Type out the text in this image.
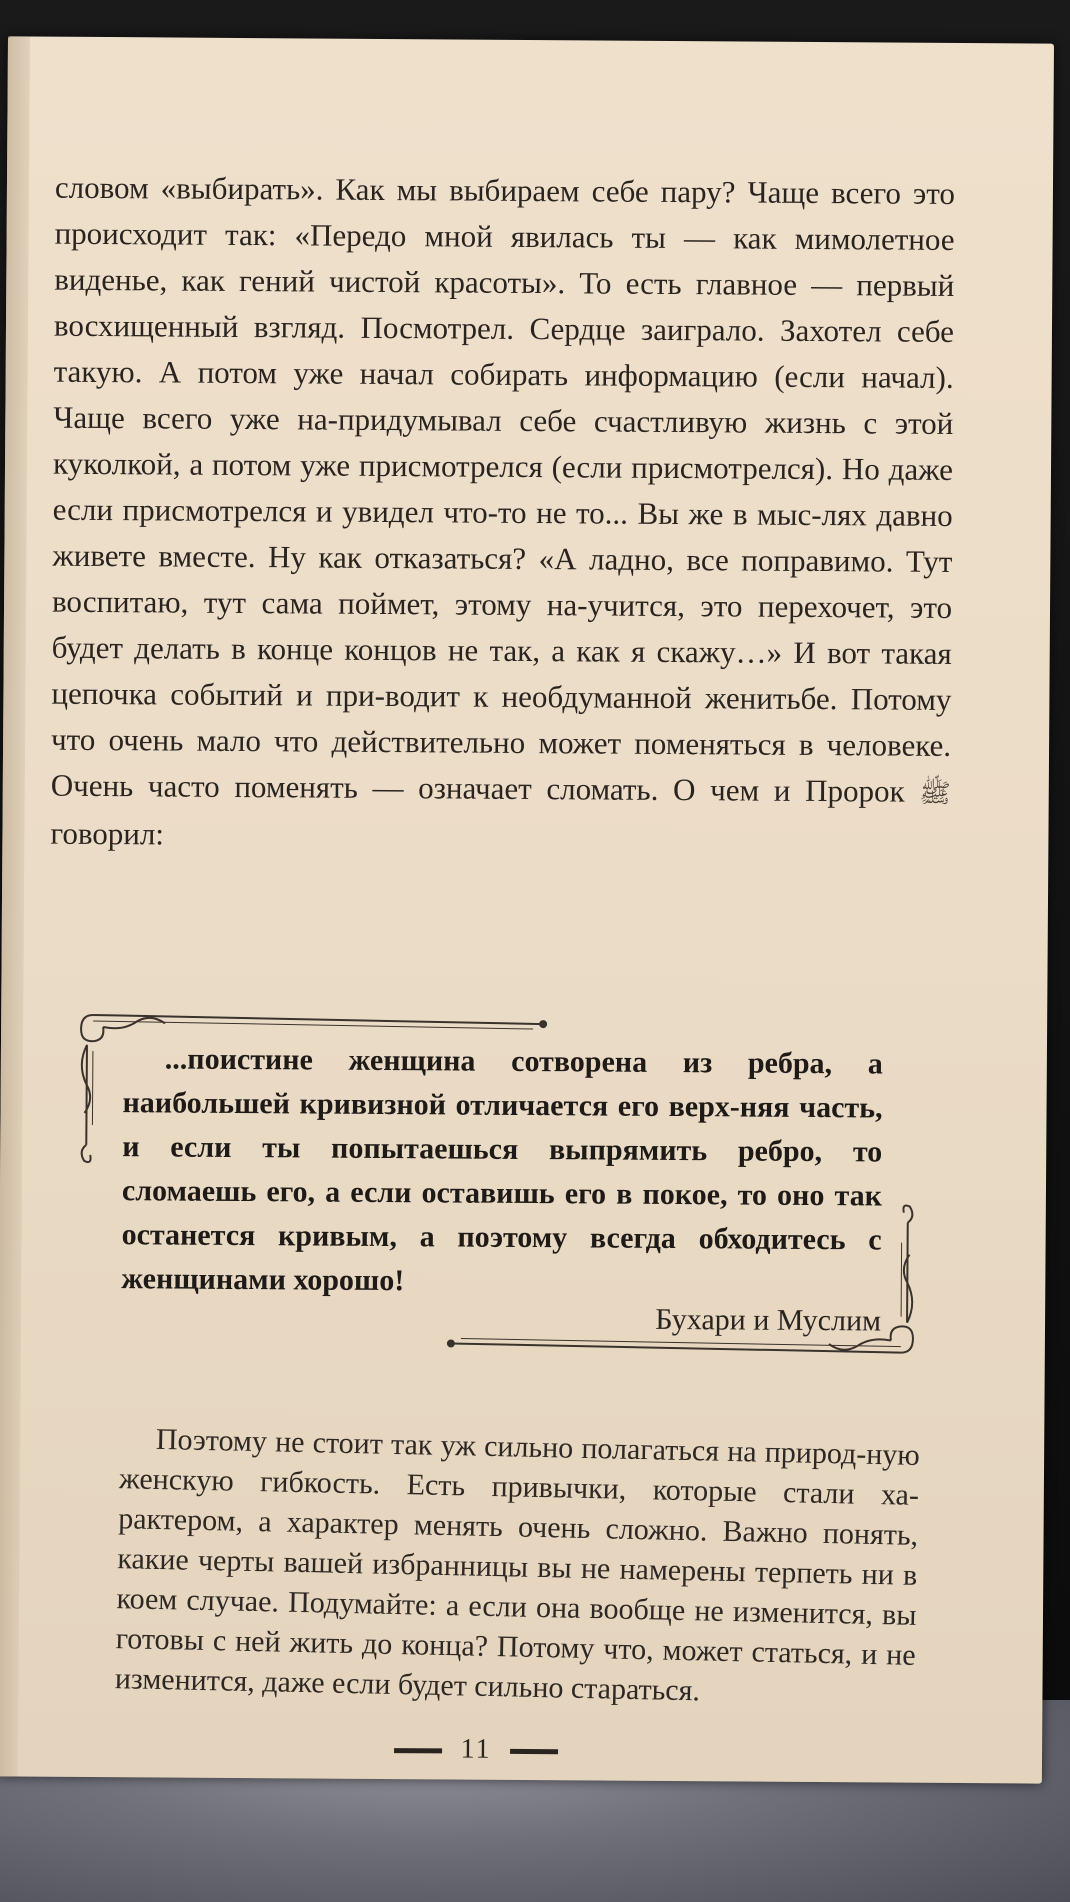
словом «выбирать». Как мы выбираем себе пару? Чаще всего это происходит так: «Передо мной явилась ты — как мимолетное виденье, как гений чистой красоты». То есть главное — первый восхищенный взгляд. Посмотрел. Сердце заиграло. Захотел себе такую. А потом уже начал собирать информацию (если начал). Чаще всего уже на-придумывал себе счастливую жизнь с этой куколкой, а потом уже присмотрелся (если присмотрелся). Но даже если присмотрелся и увидел что-то не то... Вы же в мыс-лях давно живете вместе. Ну как отказаться? «А ладно, все поправимо. Тут воспитаю, тут сама поймет, этому на-учится, это перехочет, это будет делать в конце концов не так, а как я скажу…» И вот такая цепочка событий и при-водит к необдуманной женитьбе. Потому что очень мало что действительно может поменяться в человеке. Очень часто поменять — означает сломать. О чем и Пророк ﷺ говорил:

...поистине женщина сотворена из ребра, а наибольшей кривизной отличается его верх-няя часть, и если ты попытаешься выпрямить ребро, то сломаешь его, а если оставишь его в покое, то оно так останется кривым, а поэтому всегда обходитесь с женщинами хорошо!

Бухари и Муслим

Поэтому не стоит так уж сильно полагаться на природ-ную женскую гибкость. Есть привычки, которые стали ха-рактером, а характер менять очень сложно. Важно понять, какие черты вашей избранницы вы не намерены терпеть ни в коем случае. Подумайте: а если она вообще не изменится, вы готовы с ней жить до конца? Потому что, может статься, и не изменится, даже если будет сильно стараться.

11
